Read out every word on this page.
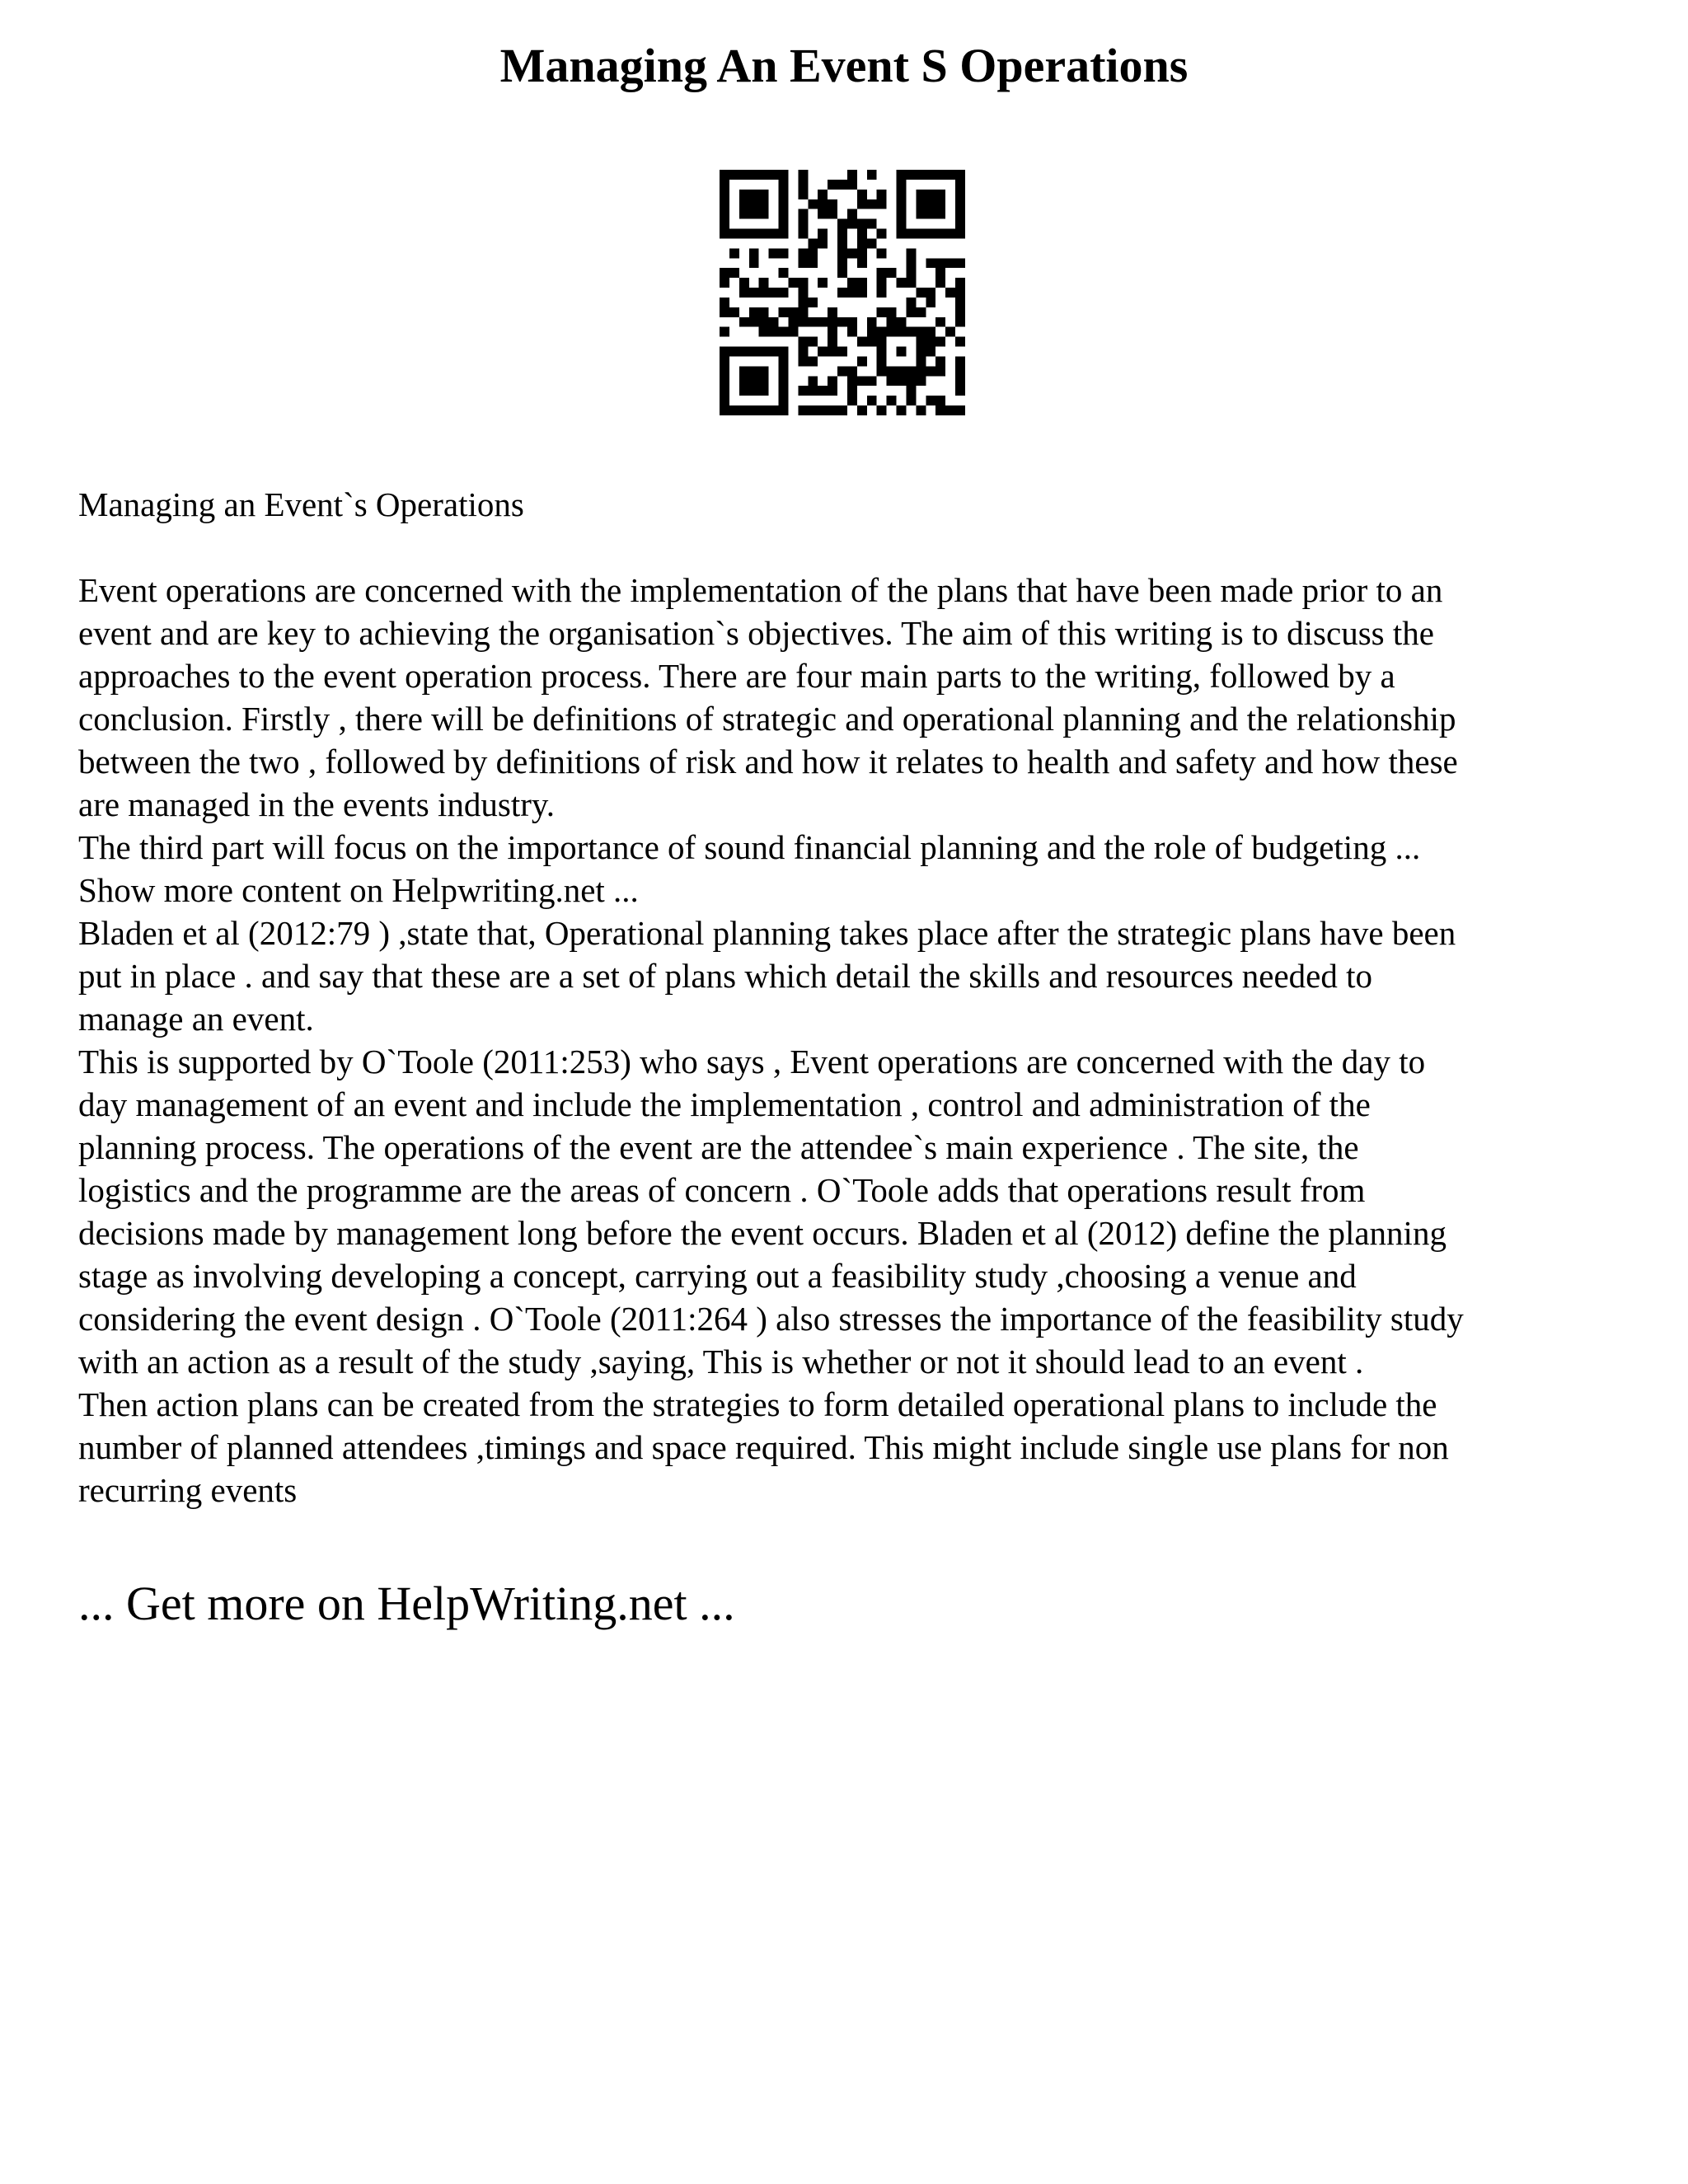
Managing An Event S Operations

Managing an Event`s Operations

Event operations are concerned with the implementation of the plans that have been made prior to an
event and are key to achieving the organisation`s objectives. The aim of this writing is to discuss the
approaches to the event operation process. There are four main parts to the writing, followed by a
conclusion. Firstly , there will be definitions of strategic and operational planning and the relationship
between the two , followed by definitions of risk and how it relates to health and safety and how these
are managed in the events industry.
The third part will focus on the importance of sound financial planning and the role of budgeting ...
Show more content on Helpwriting.net ...
Bladen et al (2012:79 ) ,state that, Operational planning takes place after the strategic plans have been
put in place . and say that these are a set of plans which detail the skills and resources needed to
manage an event.
This is supported by O`Toole (2011:253) who says , Event operations are concerned with the day to
day management of an event and include the implementation , control and administration of the
planning process. The operations of the event are the attendee`s main experience . The site, the
logistics and the programme are the areas of concern . O`Toole adds that operations result from
decisions made by management long before the event occurs. Bladen et al (2012) define the planning
stage as involving developing a concept, carrying out a feasibility study ,choosing a venue and
considering the event design . O`Toole (2011:264 ) also stresses the importance of the feasibility study
with an action as a result of the study ,saying, This is whether or not it should lead to an event .
Then action plans can be created from the strategies to form detailed operational plans to include the
number of planned attendees ,timings and space required. This might include single use plans for non
recurring events

... Get more on HelpWriting.net ...
